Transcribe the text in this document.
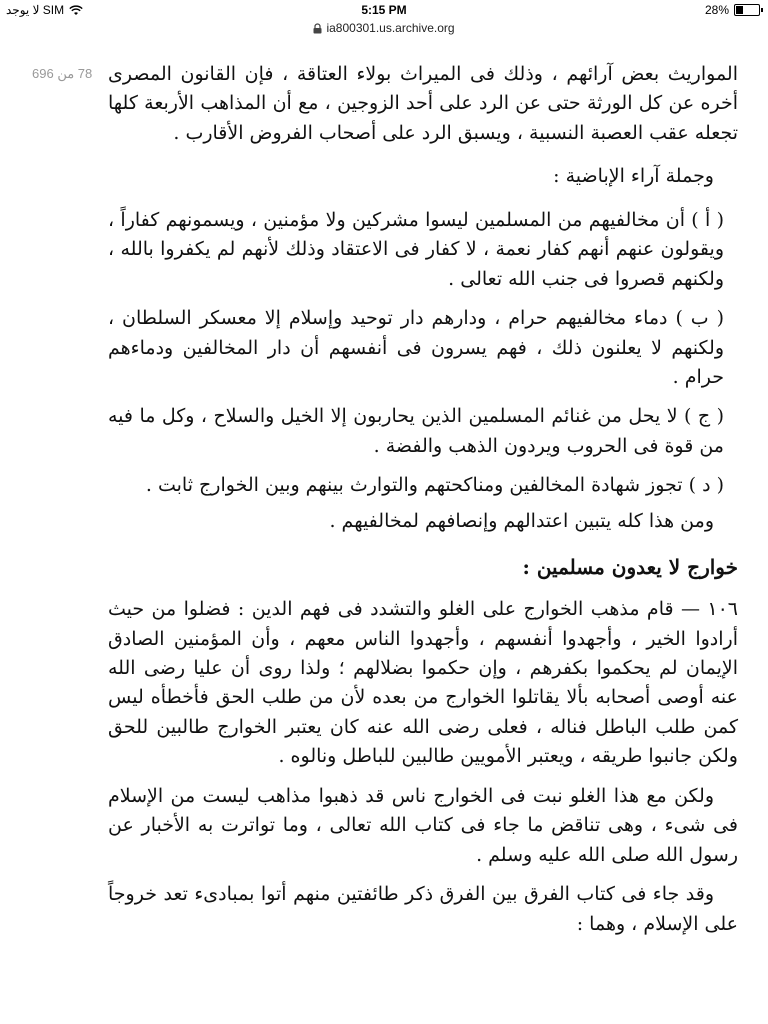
لا يوجد SIM	5:15 PM	28%
ia800301.us.archive.org
78 من 696 المواريث بعض آرائهم ، وذلك فى الميراث بولاء العتاقة ، فإن القانون المصرى أخره عن كل الورثة حتى عن الرد على أحد الزوجين ، مع أن المذاهب الأربعة كلها تجعله عقب العصبة النسبية ، ويسبق الرد على أصحاب الفروض الأقارب .

وجملة آراء الإباضية :

( أ ) أن مخالفيهم من المسلمين ليسوا مشركين ولا مؤمنين ، ويسمونهم كفاراً ، ويقولون عنهم أنهم كفار نعمة ، لا كفار فى الاعتقاد وذلك لأنهم لم يكفروا بالله ، ولكنهم قصروا فى جنب الله تعالى .

( ب ) دماء مخالفيهم حرام ، ودارهم دار توحيد وإسلام إلا معسكر السلطان ، ولكنهم لا يعلنون ذلك ، فهم يسرون فى أنفسهم أن دار المخالفين ودماءهم حرام .

( ج ) لا يحل من غنائم المسلمين الذين يحاربون إلا الخيل والسلاح ، وكل ما فيه من قوة فى الحروب ويردون الذهب والفضة .

( د ) تجوز شهادة المخالفين ومناكحتهم والتوارث بينهم وبين الخوارج ثابت .

ومن هذا كله يتبين اعتدالهم وإنصافهم لمخالفيهم .

خوارج لا يعدون مسلمين :

١٠٦ — قام مذهب الخوارج على الغلو والتشدد فى فهم الدين : فضلوا من حيث أرادوا الخير ، وأجهدوا أنفسهم ، وأجهدوا الناس معهم ، وأن المؤمنين الصادق الإيمان لم يحكموا بكفرهم ، وإن حكموا بضلالهم ؛ ولذا روى أن عليا رضى الله عنه أوصى أصحابه بألا يقاتلوا الخوارج من بعده لأن من طلب الحق فأخطأه ليس كمن طلب الباطل فناله ، فعلى رضى الله عنه كان يعتبر الخوارج طالبين للحق ولكن جانبوا طريقه ، ويعتبر الأمويين طالبين للباطل ونالوه .

ولكن مع هذا الغلو نبت فى الخوارج ناس قد ذهبوا مذاهب ليست من الإسلام فى شىء ، وهى تناقض ما جاء فى كتاب الله تعالى ، وما تواترت به الأخبار عن رسول الله صلى الله عليه وسلم .

وقد جاء فى كتاب الفرق بين الفرق ذكر طائفتين منهم أتوا بمبادىء تعد خروجاً على الإسلام ، وهما :
